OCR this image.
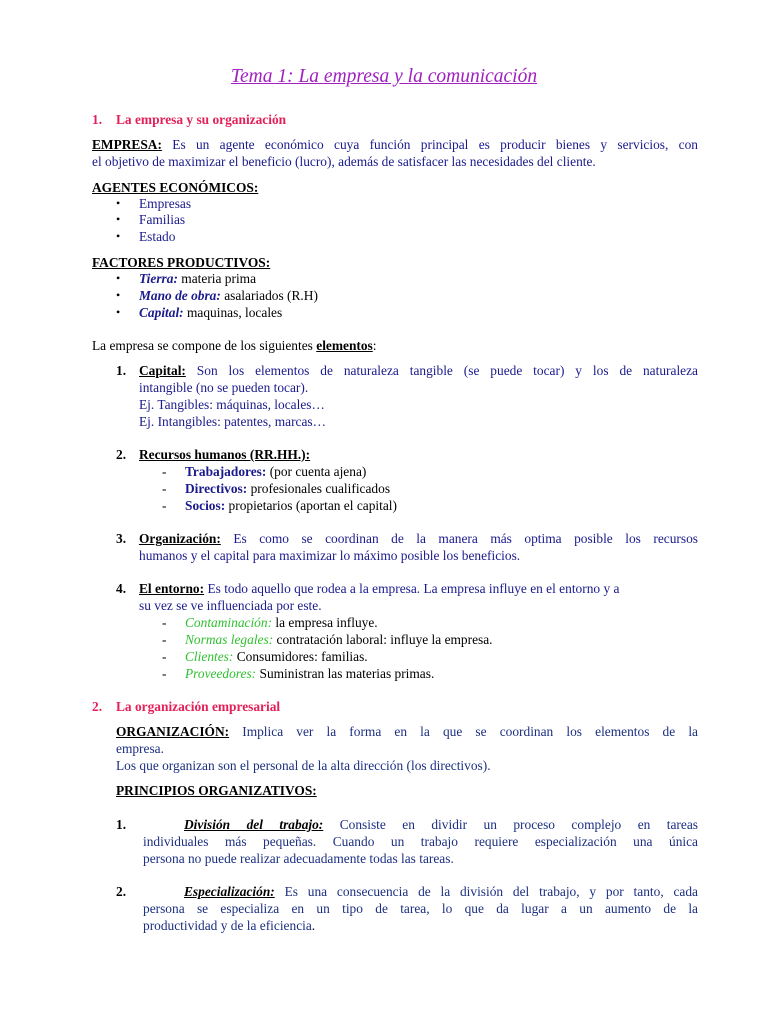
Tema 1: La empresa y la comunicación
1. La empresa y su organización
EMPRESA: Es un agente económico cuya función principal es producir bienes y servicios, con
el objetivo de maximizar el beneficio (lucro), además de satisfacer las necesidades del cliente.
AGENTES ECONÓMICOS:
• Empresas
• Familias
• Estado
FACTORES PRODUCTIVOS:
• Tierra: materia prima
• Mano de obra: asalariados (R.H)
• Capital: maquinas, locales
La empresa se compone de los siguientes elementos:
1. Capital: Son los elementos de naturaleza tangible (se puede tocar) y los de naturaleza
intangible (no se pueden tocar).
Ej. Tangibles: máquinas, locales…
Ej. Intangibles: patentes, marcas…
2. Recursos humanos (RR.HH.):
- Trabajadores: (por cuenta ajena)
- Directivos: profesionales cualificados
- Socios: propietarios (aportan el capital)
3. Organización: Es como se coordinan de la manera más optima posible los recursos
humanos y el capital para maximizar lo máximo posible los beneficios.
4. El entorno: Es todo aquello que rodea a la empresa. La empresa influye en el entorno y a
su vez se ve influenciada por este.
- Contaminación: la empresa influye.
- Normas legales: contratación laboral: influye la empresa.
- Clientes: Consumidores: familias.
- Proveedores: Suministran las materias primas.
2. La organización empresarial
ORGANIZACIÓN: Implica ver la forma en la que se coordinan los elementos de la
empresa.
Los que organizan son el personal de la alta dirección (los directivos).
PRINCIPIOS ORGANIZATIVOS:
1.	División del trabajo: Consiste en dividir un proceso complejo en tareas
individuales más pequeñas. Cuando un trabajo requiere especialización una única
persona no puede realizar adecuadamente todas las tareas.
2.	Especialización: Es una consecuencia de la división del trabajo, y por tanto, cada
persona se especializa en un tipo de tarea, lo que da lugar a un aumento de la
productividad y de la eficiencia.
